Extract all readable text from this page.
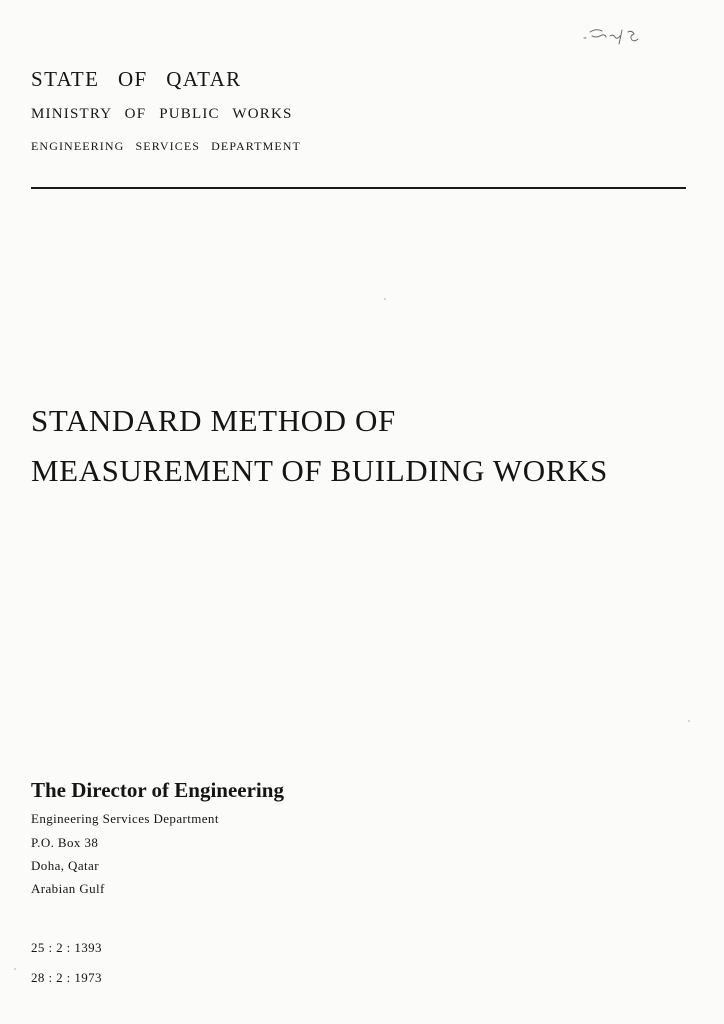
STATE OF QATAR
MINISTRY OF PUBLIC WORKS
ENGINEERING SERVICES DEPARTMENT
STANDARD METHOD OF
MEASUREMENT OF BUILDING WORKS
The Director of Engineering
Engineering Services Department
P.O. Box 38
Doha, Qatar
Arabian Gulf
25 : 2 : 1393
28 : 2 : 1973
